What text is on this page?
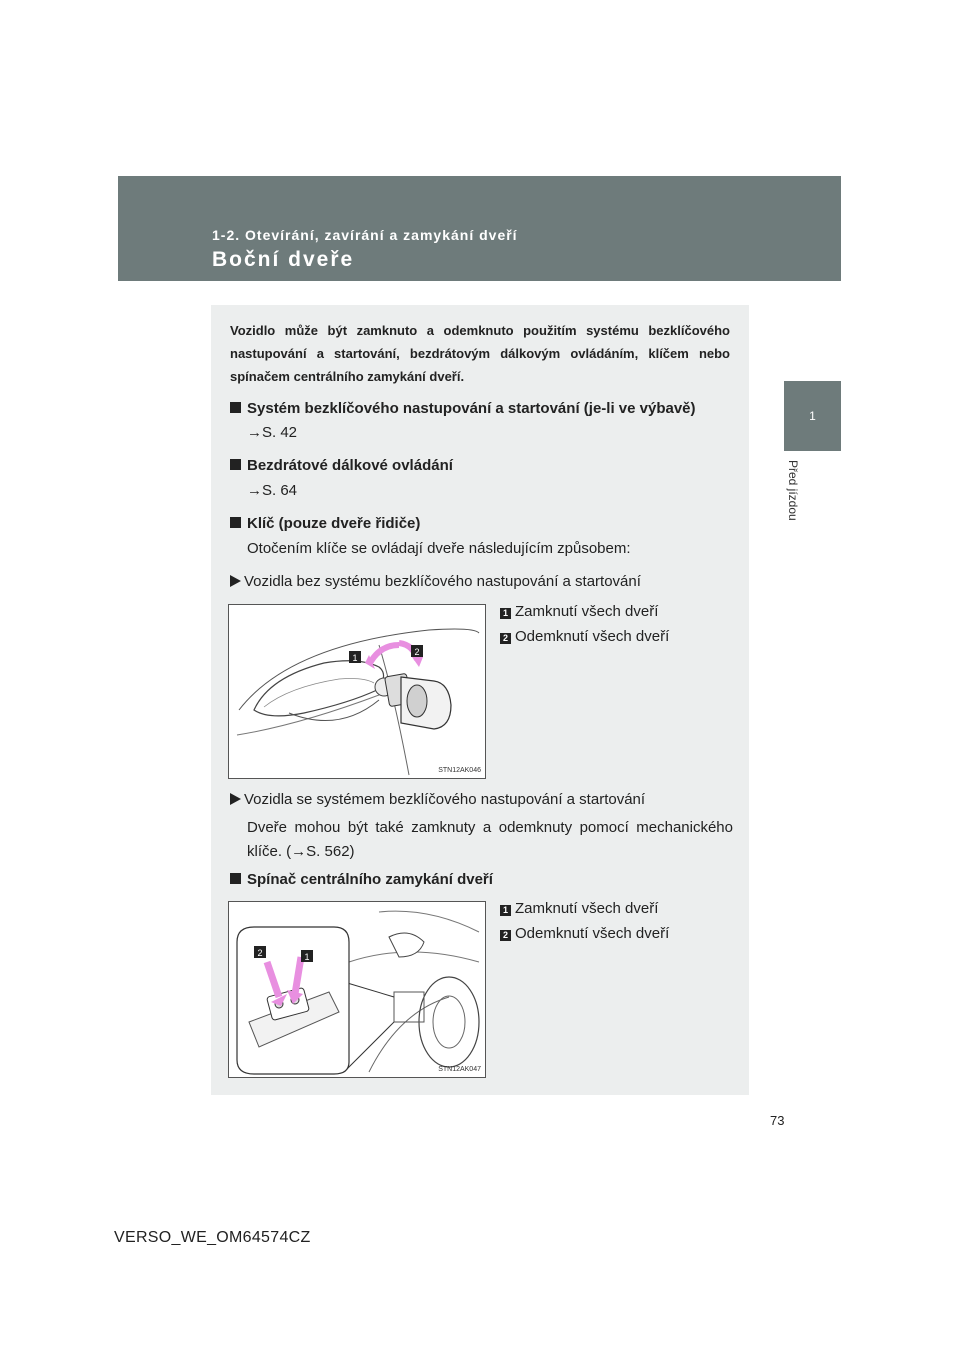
1-2. Otevírání, zavírání a zamykání dveří
Boční dveře
1
Před jízdou
Vozidlo může být zamknuto a odemknuto použitím systému bezklíčového nastupování a startování, bezdrátovým dálkovým ovládáním, klíčem nebo spínačem centrálního zamykání dveří.
Systém bezklíčového nastupování a startování (je-li ve výbavě)
→S. 42
Bezdrátové dálkové ovládání
→S. 64
Klíč (pouze dveře řidiče)
Otočením klíče se ovládají dveře následujícím způsobem:
Vozidla bez systému bezklíčového nastupování a startování
1 Zamknutí všech dveří
2 Odemknutí všech dveří
Vozidla se systémem bezklíčového nastupování a startování
Dveře mohou být také zamknuty a odemknuty pomocí mechanického klíče. (→S. 562)
Spínač centrálního zamykání dveří
1 Zamknutí všech dveří
2 Odemknutí všech dveří
1
2
STN12AK046
2	1
STN12AK047
73
VERSO_WE_OM64574CZ
